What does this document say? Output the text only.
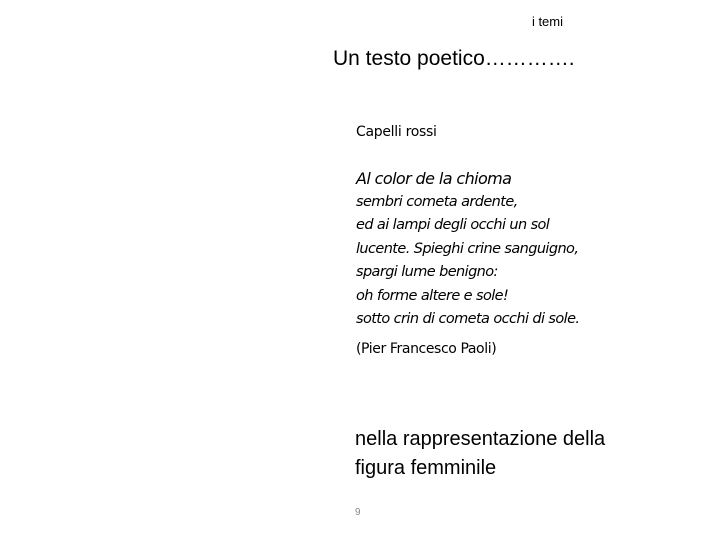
i temi
Un testo poetico………….
Capelli rossi
Al color de la chioma
sembri cometa ardente,
ed ai lampi degli occhi un sol
lucente. Spieghi crine sanguigno,
spargi lume benigno:
oh forme altere e sole!
sotto crin di cometa occhi di sole.
(Pier Francesco Paoli)
nella rappresentazione della
figura femminile
9
